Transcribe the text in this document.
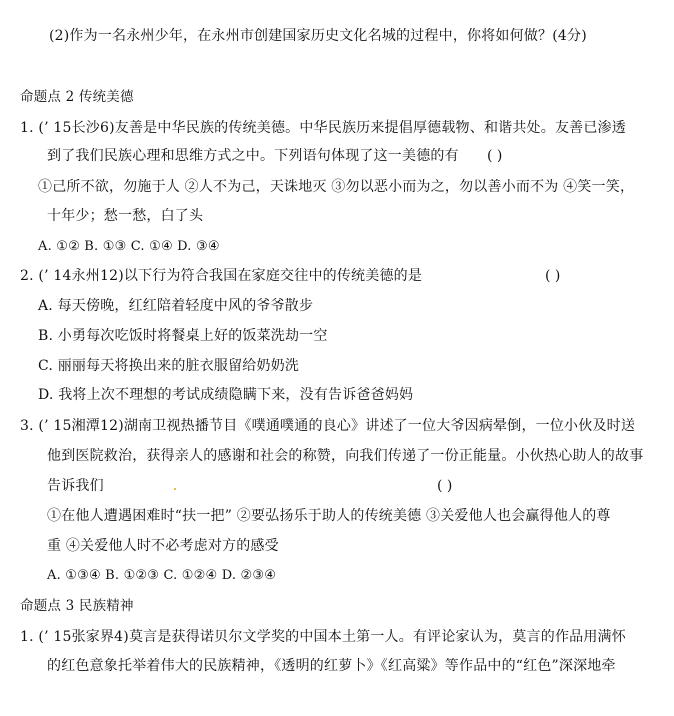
(2)作为一名永州少年，在永州市创建国家历史文化名城的过程中，你将如何做？(4分)
命题点 2 传统美德
1. (’ 15长沙6)友善是中华民族的传统美德。中华民族历来提倡厚德载物、和谐共处。友善已渗透
到了我们民族心理和思维方式之中。下列语句体现了这一美德的有 ( )
①己所不欲，勿施于人 ②人不为己，天诛地灭 ③勿以恶小而为之，勿以善小而不为 ④笑一笑，
十年少；愁一愁，白了头
A. ①② B. ①③ C. ①④ D. ③④
2. (’ 14永州12)以下行为符合我国在家庭交往中的传统美德的是	( )
A. 每天傍晚，红红陪着轻度中风的爷爷散步
B. 小勇每次吃饭时将餐桌上好的饭菜洗劫一空
C. 丽丽每天将换出来的脏衣服留给奶奶洗
D. 我将上次不理想的考试成绩隐瞒下来，没有告诉爸爸妈妈
3. (’ 15湘潭12)湖南卫视热播节目《噗通噗通的良心》讲述了一位大爷因病晕倒，一位小伙及时送
他到医院救治，获得亲人的感谢和社会的称赞，向我们传递了一份正能量。小伙热心助人的故事
告诉我们	( )
①在他人遭遇困难时“扶一把” ②要弘扬乐于助人的传统美德 ③关爱他人也会赢得他人的尊
重 ④关爱他人时不必考虑对方的感受
A. ①③④ B. ①②③ C. ①②④ D. ②③④
命题点 3 民族精神
1. (’ 15张家界4)莫言是获得诺贝尔文学奖的中国本土第一人。有评论家认为，莫言的作品用满怀
的红色意象托举着伟大的民族精神，《透明的红萝卜》《红高粱》等作品中的“红色”深深地牵
